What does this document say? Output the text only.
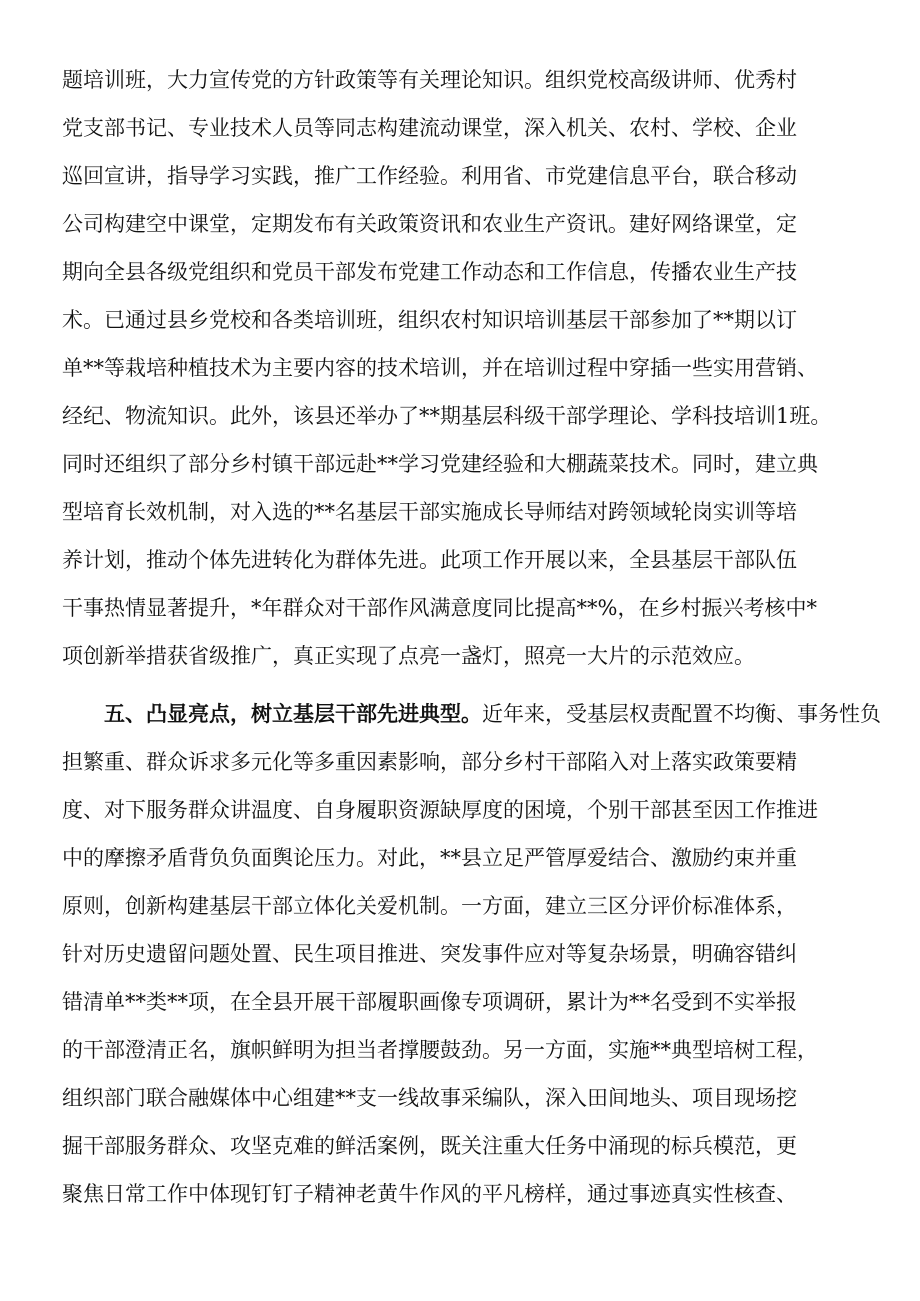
题培训班，大力宣传党的方针政策等有关理论知识。组织党校高级讲师、优秀村
党支部书记、专业技术人员等同志构建流动课堂，深入机关、农村、学校、企业
巡回宣讲，指导学习实践，推广工作经验。利用省、市党建信息平台，联合移动
公司构建空中课堂，定期发布有关政策资讯和农业生产资讯。建好网络课堂，定
期向全县各级党组织和党员干部发布党建工作动态和工作信息，传播农业生产技
术。已通过县乡党校和各类培训班，组织农村知识培训基层干部参加了**期以订
单**等栽培种植技术为主要内容的技术培训，并在培训过程中穿插一些实用营销、
经纪、物流知识。此外，该县还举办了**期基层科级干部学理论、学科技培训1班。
同时还组织了部分乡村镇干部远赴**学习党建经验和大棚蔬菜技术。同时，建立典
型培育长效机制，对入选的**名基层干部实施成长导师结对跨领域轮岗实训等培
养计划，推动个体先进转化为群体先进。此项工作开展以来，全县基层干部队伍
干事热情显著提升，*年群众对干部作风满意度同比提高**%，在乡村振兴考核中*
项创新举措获省级推广，真正实现了点亮一盏灯，照亮一大片的示范效应。
五、凸显亮点，树立基层干部先进典型。近年来，受基层权责配置不均衡、事务性负
担繁重、群众诉求多元化等多重因素影响，部分乡村干部陷入对上落实政策要精
度、对下服务群众讲温度、自身履职资源缺厚度的困境，个别干部甚至因工作推进
中的摩擦矛盾背负负面舆论压力。对此，**县立足严管厚爱结合、激励约束并重
原则，创新构建基层干部立体化关爱机制。一方面，建立三区分评价标准体系，
针对历史遗留问题处置、民生项目推进、突发事件应对等复杂场景，明确容错纠
错清单**类**项，在全县开展干部履职画像专项调研，累计为**名受到不实举报
的干部澄清正名，旗帜鲜明为担当者撑腰鼓劲。另一方面，实施**典型培树工程，
组织部门联合融媒体中心组建**支一线故事采编队，深入田间地头、项目现场挖
掘干部服务群众、攻坚克难的鲜活案例，既关注重大任务中涌现的标兵模范，更
聚焦日常工作中体现钉钉子精神老黄牛作风的平凡榜样，通过事迹真实性核查、
